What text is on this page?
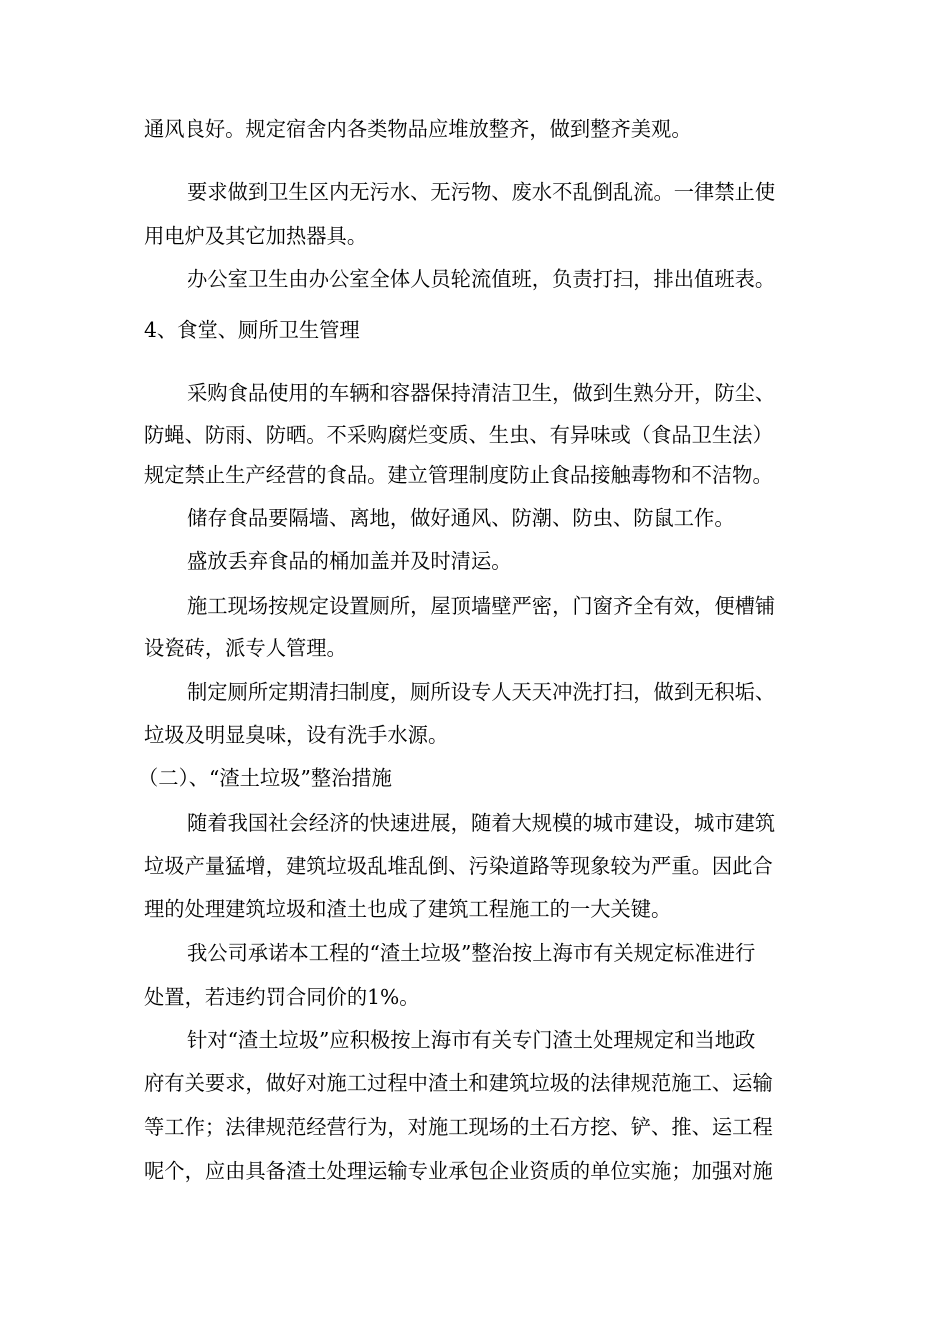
通风良好。规定宿舍内各类物品应堆放整齐，做到整齐美观。
要求做到卫生区内无污水、无污物、废水不乱倒乱流。一律禁止使
用电炉及其它加热器具。
办公室卫生由办公室全体人员轮流值班，负责打扫，排出值班表。
4、食堂、厕所卫生管理
采购食品使用的车辆和容器保持清洁卫生，做到生熟分开，防尘、
防蝇、防雨、防晒。不采购腐烂变质、生虫、有异味或（食品卫生法）
规定禁止生产经营的食品。建立管理制度防止食品接触毒物和不洁物。
储存食品要隔墙、离地，做好通风、防潮、防虫、防鼠工作。
盛放丢弃食品的桶加盖并及时清运。
施工现场按规定设置厕所，屋顶墙壁严密，门窗齐全有效，便槽铺
设瓷砖，派专人管理。
制定厕所定期清扫制度，厕所设专人天天冲洗打扫，做到无积垢、
垃圾及明显臭味，设有洗手水源。
（二）、“渣土垃圾”整治措施
随着我国社会经济的快速进展，随着大规模的城市建设，城市建筑
垃圾产量猛增，建筑垃圾乱堆乱倒、污染道路等现象较为严重。因此合
理的处理建筑垃圾和渣土也成了建筑工程施工的一大关键。
我公司承诺本工程的“渣土垃圾”整治按上海市有关规定标准进行
处置，若违约罚合同价的1%。
针对“渣土垃圾”应积极按上海市有关专门渣土处理规定和当地政
府有关要求，做好对施工过程中渣土和建筑垃圾的法律规范施工、运输
等工作；法律规范经营行为，对施工现场的土石方挖、铲、推、运工程
呢个，应由具备渣土处理运输专业承包企业资质的单位实施；加强对施
